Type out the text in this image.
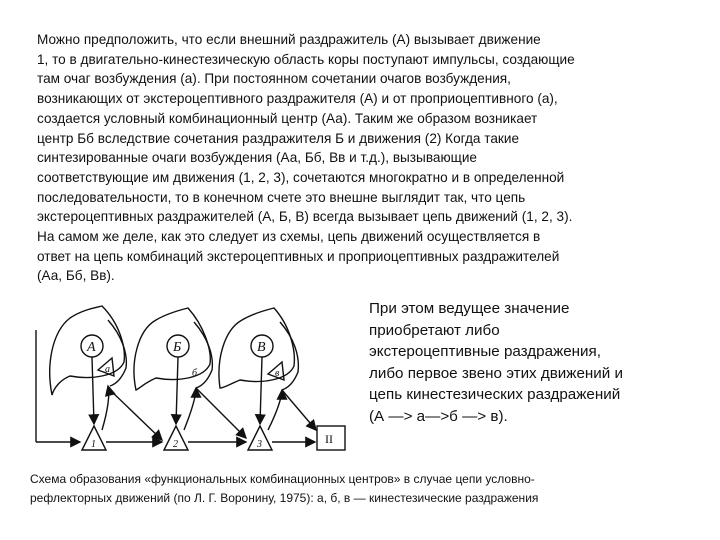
Можно предположить, что если внешний раздражитель (А) вызывает движение
1, то в двигательно-кинестезическую область коры поступают импульсы, создающие
там очаг возбуждения (а). При постоянном сочетании очагов возбуждения,
возникающих от экстероцептивного раздражителя (А) и от проприоцептивного (а),
создается условный комбинационный центр (Аа). Таким же образом возникает
центр Бб вследствие сочетания раздражителя Б и движения (2) Когда такие
синтезированные очаги возбуждения (Аа, Бб, Вв и т.д.), вызывающие
соответствующие им движения (1, 2, 3), сочетаются многократно и в определенной
последовательности, то в конечном счете это внешне выглядит так, что цепь
экстероцептивных раздражителей (А, Б, В) всегда вызывает цепь движений (1, 2, 3).
На самом же деле, как это следует из схемы, цепь движений осуществляется в
ответ на цепь комбинаций экстероцептивных и проприоцептивных раздражителей
(Аа, Бб, Вв).
A	Б	B
а	б	в
1	2	3	II
При этом ведущее значение
приобретают либо
экстероцептивные раздражения,
либо первое звено этих движений и
цепь кинестезических раздражений
(А —> а—>б —> в).
Схема образования «функциональных комбинационных центров» в случае цепи условно-
рефлекторных движений (по Л. Г. Воронину, 1975): а, б, в — кинестезические раздражения
